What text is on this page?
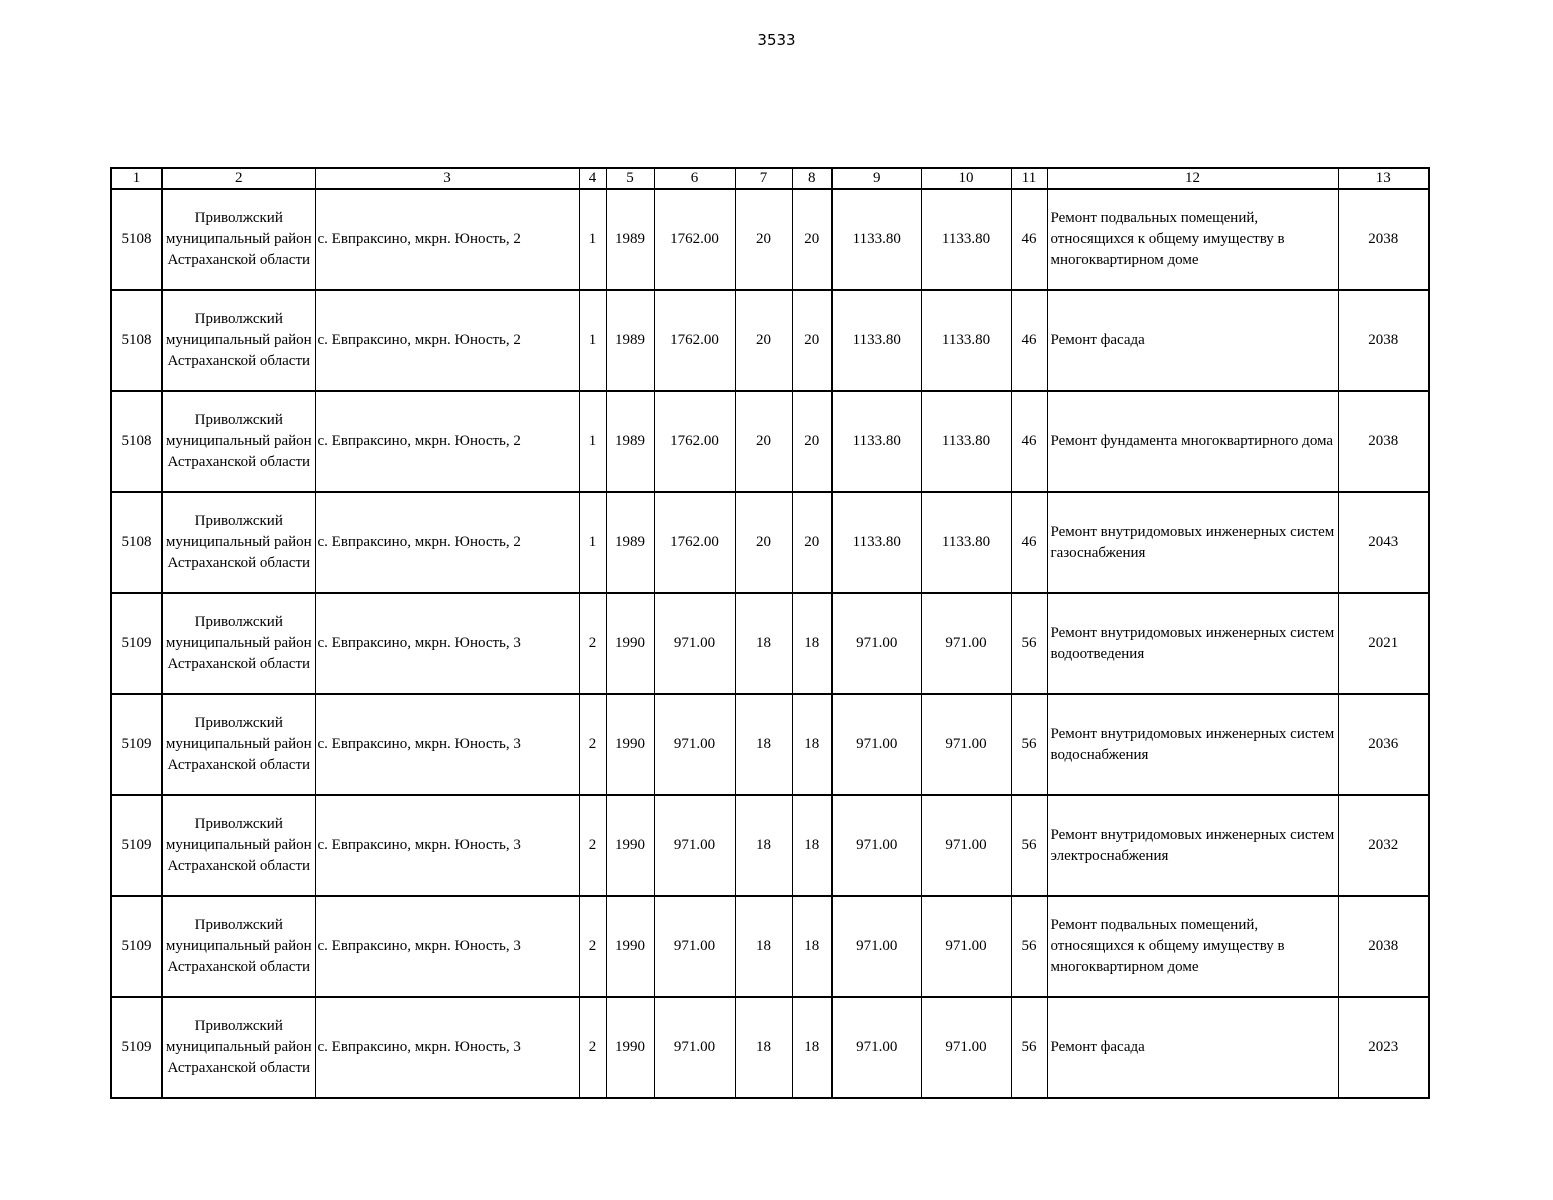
3533
1	2	3	4	5	6	7	8	9	10	11	12	13
5108	Приволжский муниципальный район Астраханской области	с. Евпраксино, мкрн. Юность, 2	1	1989	1762.00	20	20	1133.80	1133.80	46	Ремонт подвальных помещений, относящихся к общему имуществу в многоквартирном доме	2038
5108	Приволжский муниципальный район Астраханской области	с. Евпраксино, мкрн. Юность, 2	1	1989	1762.00	20	20	1133.80	1133.80	46	Ремонт фасада	2038
5108	Приволжский муниципальный район Астраханской области	с. Евпраксино, мкрн. Юность, 2	1	1989	1762.00	20	20	1133.80	1133.80	46	Ремонт фундамента многоквартирного дома	2038
5108	Приволжский муниципальный район Астраханской области	с. Евпраксино, мкрн. Юность, 2	1	1989	1762.00	20	20	1133.80	1133.80	46	Ремонт внутридомовых инженерных систем газоснабжения	2043
5109	Приволжский муниципальный район Астраханской области	с. Евпраксино, мкрн. Юность, 3	2	1990	971.00	18	18	971.00	971.00	56	Ремонт внутридомовых инженерных систем водоотведения	2021
5109	Приволжский муниципальный район Астраханской области	с. Евпраксино, мкрн. Юность, 3	2	1990	971.00	18	18	971.00	971.00	56	Ремонт внутридомовых инженерных систем водоснабжения	2036
5109	Приволжский муниципальный район Астраханской области	с. Евпраксино, мкрн. Юность, 3	2	1990	971.00	18	18	971.00	971.00	56	Ремонт внутридомовых инженерных систем электроснабжения	2032
5109	Приволжский муниципальный район Астраханской области	с. Евпраксино, мкрн. Юность, 3	2	1990	971.00	18	18	971.00	971.00	56	Ремонт подвальных помещений, относящихся к общему имуществу в многоквартирном доме	2038
5109	Приволжский муниципальный район Астраханской области	с. Евпраксино, мкрн. Юность, 3	2	1990	971.00	18	18	971.00	971.00	56	Ремонт фасада	2023
